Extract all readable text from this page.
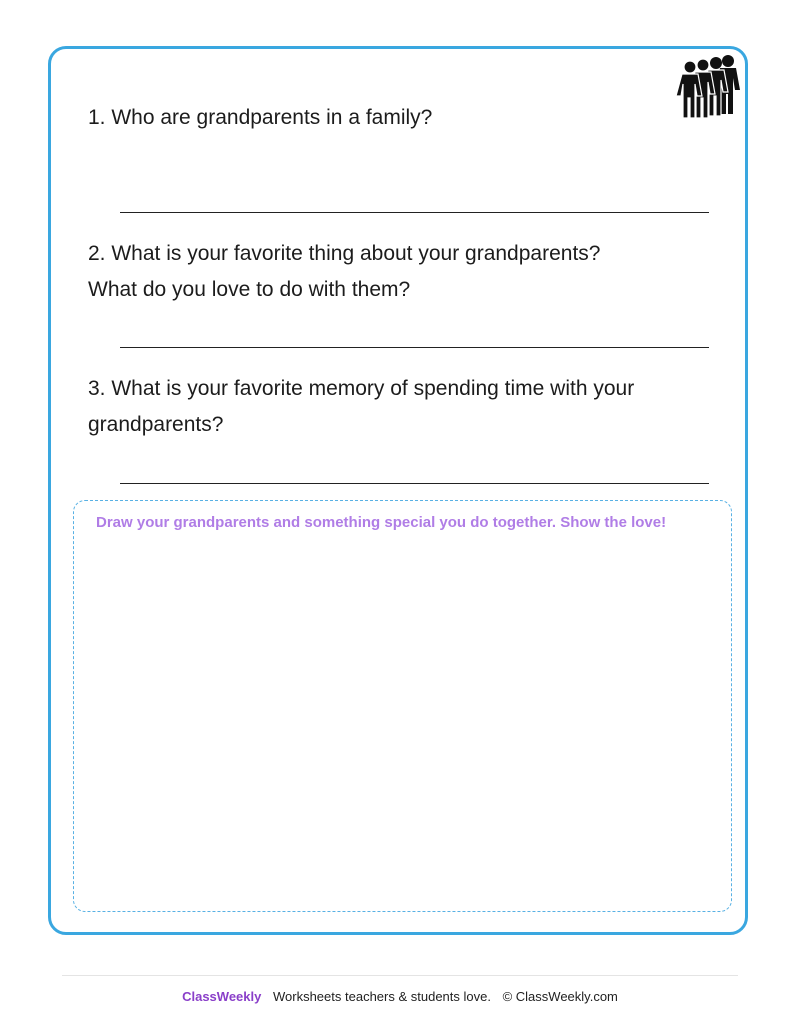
1. Who are grandparents in a family?
2. What is your favorite thing about your grandparents?
What do you love to do with them?
3. What is your favorite memory of spending time with your
grandparents?
Draw your grandparents and something special you do together. Show the love!
ClassWeekly Worksheets teachers & students love. © ClassWeekly.com
